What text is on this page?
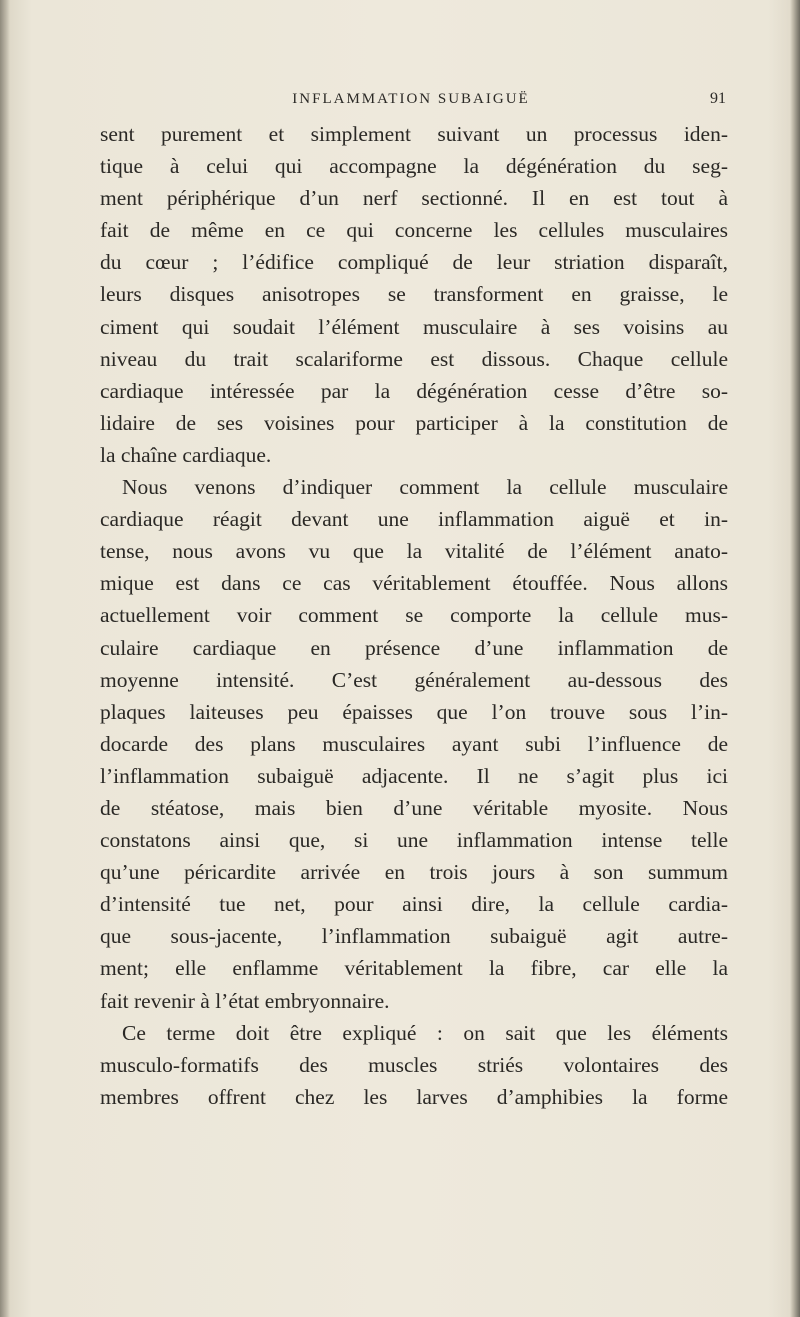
INFLAMMATION SUBAIGUË	91
sent purement et simplement suivant un processus iden-
tique à celui qui accompagne la dégénération du seg-
ment périphérique d’un nerf sectionné. Il en est tout à
fait de même en ce qui concerne les cellules musculaires
du cœur ; l’édifice compliqué de leur striation disparaît,
leurs disques anisotropes se transforment en graisse, le
ciment qui soudait l’élément musculaire à ses voisins au
niveau du trait scalariforme est dissous. Chaque cellule
cardiaque intéressée par la dégénération cesse d’être so-
lidaire de ses voisines pour participer à la constitution de
la chaîne cardiaque.
Nous venons d’indiquer comment la cellule musculaire
cardiaque réagit devant une inflammation aiguë et in-
tense, nous avons vu que la vitalité de l’élément anato-
mique est dans ce cas véritablement étouffée. Nous allons
actuellement voir comment se comporte la cellule mus-
culaire cardiaque en présence d’une inflammation de
moyenne intensité. C’est généralement au-dessous des
plaques laiteuses peu épaisses que l’on trouve sous l’in-
docarde des plans musculaires ayant subi l’influence de
l’inflammation subaiguë adjacente. Il ne s’agit plus ici
de stéatose, mais bien d’une véritable myosite. Nous
constatons ainsi que, si une inflammation intense telle
qu’une péricardite arrivée en trois jours à son summum
d’intensité tue net, pour ainsi dire, la cellule cardia-
que sous-jacente, l’inflammation subaiguë agit autre-
ment; elle enflamme véritablement la fibre, car elle la
fait revenir à l’état embryonnaire.
Ce terme doit être expliqué : on sait que les éléments
musculo-formatifs des muscles striés volontaires des
membres offrent chez les larves d’amphibies la forme
